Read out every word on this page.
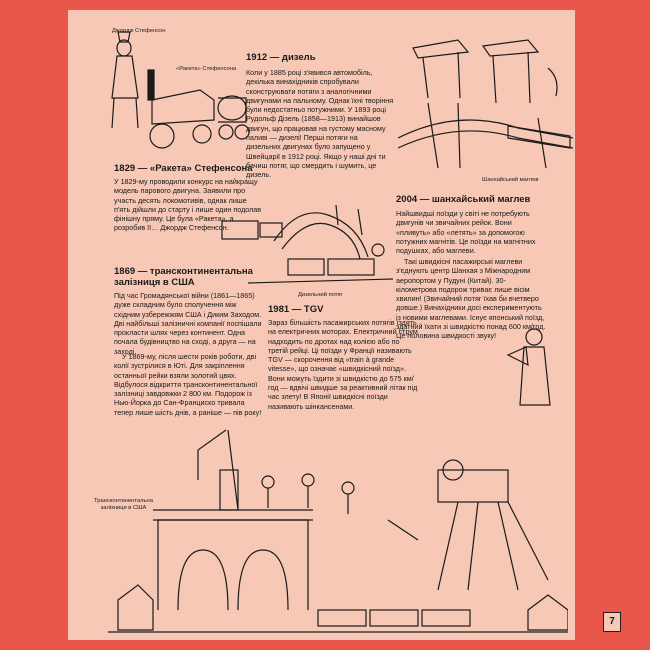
Джордж Стефенсон

«Ракета» Стефенсона

1829 — «Ракета» Стефенсона

У 1829-му проводили конкурс на найкращу модель парового двигуна. Заявили про участь десять локомотивів, однак лише п'ять дійшли до старту і лише один подолав фінішну пряму. Це була «Ракета», а розробив її… Джордж Стефенсон.

1912 — дизель

Коли у 1885 році з'явився автомобіль, декілька винахідників спробували сконструювати потяги з аналогічними двигунами на пальному. Однак їхні творіння були недостатньо потужними. У 1893 році Рудольф Дізель (1858—1913) винайшов двигун, що працював на густому масному паливі — дизелі! Перші потяги на дизельних двигунах було запущено у Швейцарії в 1912 році. Якщо у наші дні ти бачиш потяг, що смердить і шумить, це дизель.

Шанхайський маглев

2004 — шанхайський маглев

Найшвидші поїзди у світі не потребують двигунів чи звичайних рейок. Вони «пливуть» або «летять» за допомогою потужних магнітів. Це поїзди на магнітних подушках, або маглеви.

Такі швидкісні пасажирські маглеви з'єднують центр Шанхая з Міжнародним аеропортом у Пудуні (Китай). 30-кілометрова подорож триває лише вісім хвилин! (Звичайний потяг їхав би вчетверо довше.) Винахідники досі експериментують із новими маглевами. Існує японський поїзд, здатний їхати зі швидкістю понад 600 км/год. Це пoловина швидкості звуку!

Дизельний потяг

1869 — трансконтинентальна залізниця в США

Під час Громадянської війни (1861—1865) дуже складним було сполучення між східним узбережжям США і Диким Заходом. Дві найбільші залізничні компанії поспішали прокласти шлях через континент. Одна почала будівництво на сході, а друга — на заході.

У 1869-му, після шести років роботи, дві колії зустрілися в Юті. Для закріплення останньої рейки взяли золотий цвях. Відбулося відкриття трансконтинентальної залізниці завдовжки 2 800 км. Подорож із Нью-Йорка до Сан-Франциско тривала тепер лише шість днів, а раніше — пів року!

1981 — TGV

Зараз більшість пасажирських потягів їздять на електричних моторах. Електричний струм надходить по дротах над колією або по третій рейці. Ці поїзди у Франції називають TGV — скорочення від «train à grande vitesse», що означає «швидкісний поїзд». Вони можуть їздити зі швидкістю до 575 км/год — вдвічі швидше за реактивний літак під час злету! В Японії швидкісні поїзди називають шінкансенами.

Трансконтинентальна
залізниця в США

7
